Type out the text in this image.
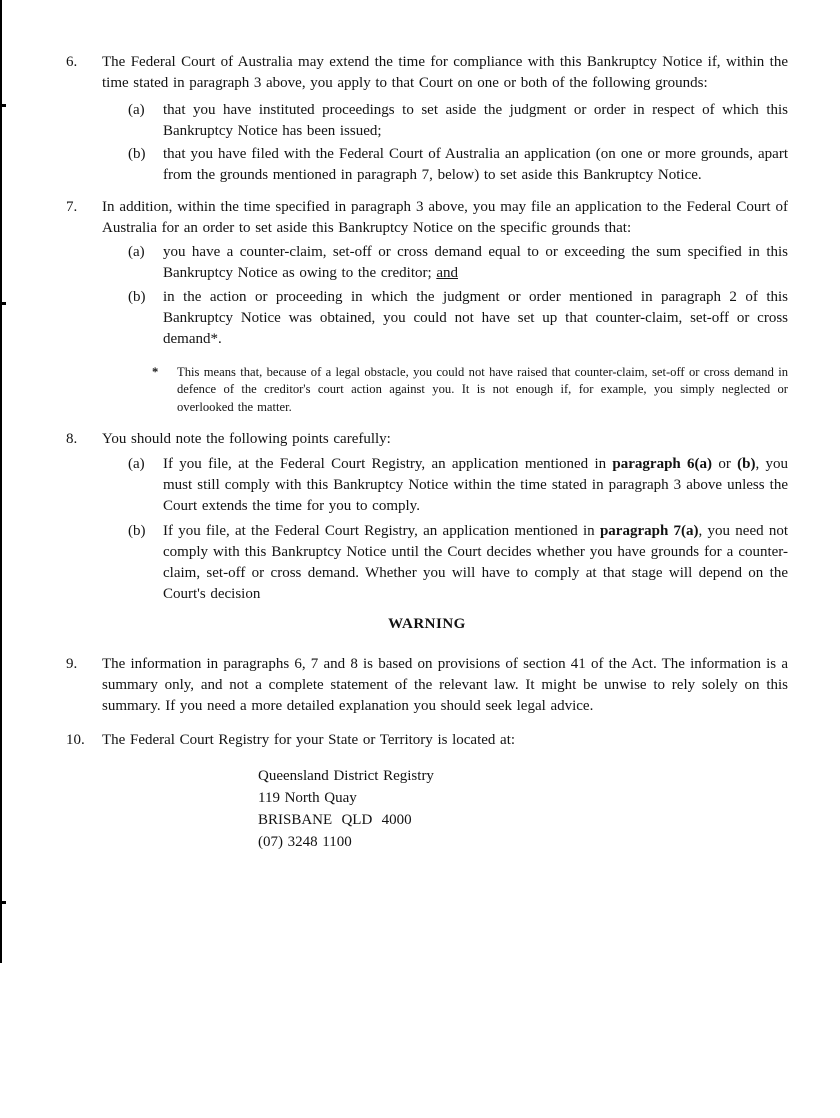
6.	The Federal Court of Australia may extend the time for compliance with this Bankruptcy Notice if, within the time stated in paragraph 3 above, you apply to that Court on one or both of the following grounds:
(a)	that you have instituted proceedings to set aside the judgment or order in respect of which this Bankruptcy Notice has been issued;
(b)	that you have filed with the Federal Court of Australia an application (on one or more grounds, apart from the grounds mentioned in paragraph 7, below) to set aside this Bankruptcy Notice.
7.	In addition, within the time specified in paragraph 3 above, you may file an application to the Federal Court of Australia for an order to set aside this Bankruptcy Notice on the specific grounds that:
(a)	you have a counter-claim, set-off or cross demand equal to or exceeding the sum specified in this Bankruptcy Notice as owing to the creditor; and
(b)	in the action or proceeding in which the judgment or order mentioned in paragraph 2 of this Bankruptcy Notice was obtained, you could not have set up that counter-claim, set-off or cross demand*.
*	This means that, because of a legal obstacle, you could not have raised that counter-claim, set-off or cross demand in defence of the creditor's court action against you. It is not enough if, for example, you simply neglected or overlooked the matter.
8.	You should note the following points carefully:
(a)	If you file, at the Federal Court Registry, an application mentioned in paragraph 6(a) or (b), you must still comply with this Bankruptcy Notice within the time stated in paragraph 3 above unless the Court extends the time for you to comply.
(b)	If you file, at the Federal Court Registry, an application mentioned in paragraph 7(a), you need not comply with this Bankruptcy Notice until the Court decides whether you have grounds for a counter-claim, set-off or cross demand. Whether you will have to comply at that stage will depend on the Court's decision
WARNING
9.	The information in paragraphs 6, 7 and 8 is based on provisions of section 41 of the Act. The information is a summary only, and not a complete statement of the relevant law. It might be unwise to rely solely on this summary. If you need a more detailed explanation you should seek legal advice.
10.	The Federal Court Registry for your State or Territory is located at:
Queensland District Registry
119 North Quay
BRISBANE  QLD  4000
(07) 3248 1100
